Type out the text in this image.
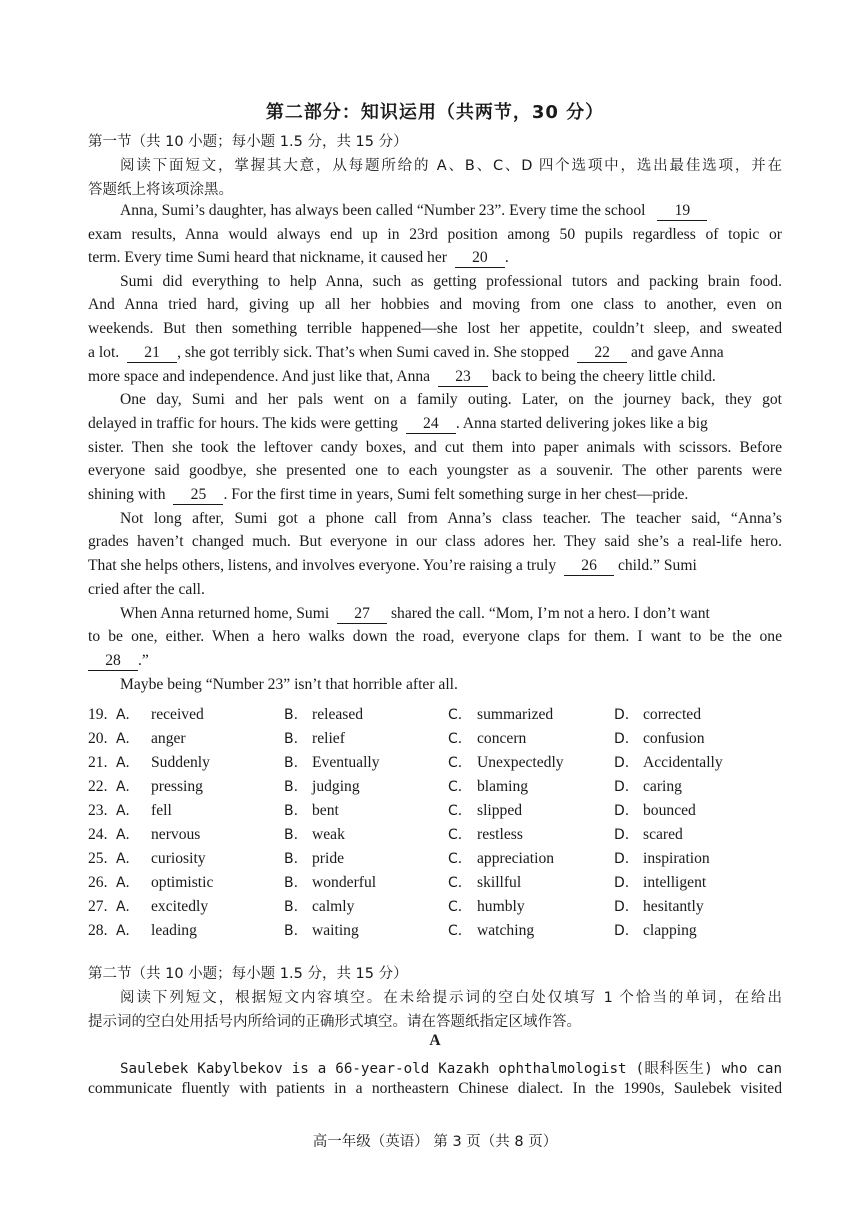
第二部分：知识运用（共两节，30 分）
第一节（共 10 小题；每小题 1.5 分，共 15 分）
阅读下面短文，掌握其大意，从每题所给的 A、B、C、D 四个选项中，选出最佳选项，并在
答题纸上将该项涂黑。
Anna, Sumi’s daughter, has always been called “Number 23”. Every time the school 19
exam results, Anna would always end up in 23rd position among 50 pupils regardless of topic or
term. Every time Sumi heard that nickname, it caused her 20 .
Sumi did everything to help Anna, such as getting professional tutors and packing brain food.
And Anna tried hard, giving up all her hobbies and moving from one class to another, even on
weekends. But then something terrible happened—she lost her appetite, couldn’t sleep, and sweated
a lot. 21 , she got terribly sick. That’s when Sumi caved in. She stopped 22 and gave Anna
more space and independence. And just like that, Anna 23 back to being the cheery little child.
One day, Sumi and her pals went on a family outing. Later, on the journey back, they got
delayed in traffic for hours. The kids were getting 24 . Anna started delivering jokes like a big
sister. Then she took the leftover candy boxes, and cut them into paper animals with scissors. Before
everyone said goodbye, she presented one to each youngster as a souvenir. The other parents were
shining with 25 . For the first time in years, Sumi felt something surge in her chest—pride.
Not long after, Sumi got a phone call from Anna’s class teacher. The teacher said, “Anna’s
grades haven’t changed much. But everyone in our class adores her. They said she’s a real-life hero.
That she helps others, listens, and involves everyone. You’re raising a truly 26 child.” Sumi
cried after the call.
When Anna returned home, Sumi 27 shared the call. “Mom, I’m not a hero. I don’t want
to be one, either. When a hero walks down the road, everyone claps for them. I want to be the one
28 .”
Maybe being “Number 23” isn’t that horrible after all.
19. A. received	B. released	C. summarized	D. corrected
20. A. anger	B. relief	C. concern	D. confusion
21. A. Suddenly	B. Eventually	C. Unexpectedly	D. Accidentally
22. A. pressing	B. judging	C. blaming	D. caring
23. A. fell	B. bent	C. slipped	D. bounced
24. A. nervous	B. weak	C. restless	D. scared
25. A. curiosity	B. pride	C. appreciation	D. inspiration
26. A. optimistic	B. wonderful	C. skillful	D. intelligent
27. A. excitedly	B. calmly	C. humbly	D. hesitantly
28. A. leading	B. waiting	C. watching	D. clapping
第二节（共 10 小题；每小题 1.5 分，共 15 分）
阅读下列短文，根据短文内容填空。在未给提示词的空白处仅填写 1 个恰当的单词，在给出
提示词的空白处用括号内所给词的正确形式填空。请在答题纸指定区域作答。
A
Saulebek Kabylbekov is a 66-year-old Kazakh ophthalmologist (眼科医生) who can
communicate fluently with patients in a northeastern Chinese dialect. In the 1990s, Saulebek visited
高一年级（英语） 第 3 页（共 8 页）
